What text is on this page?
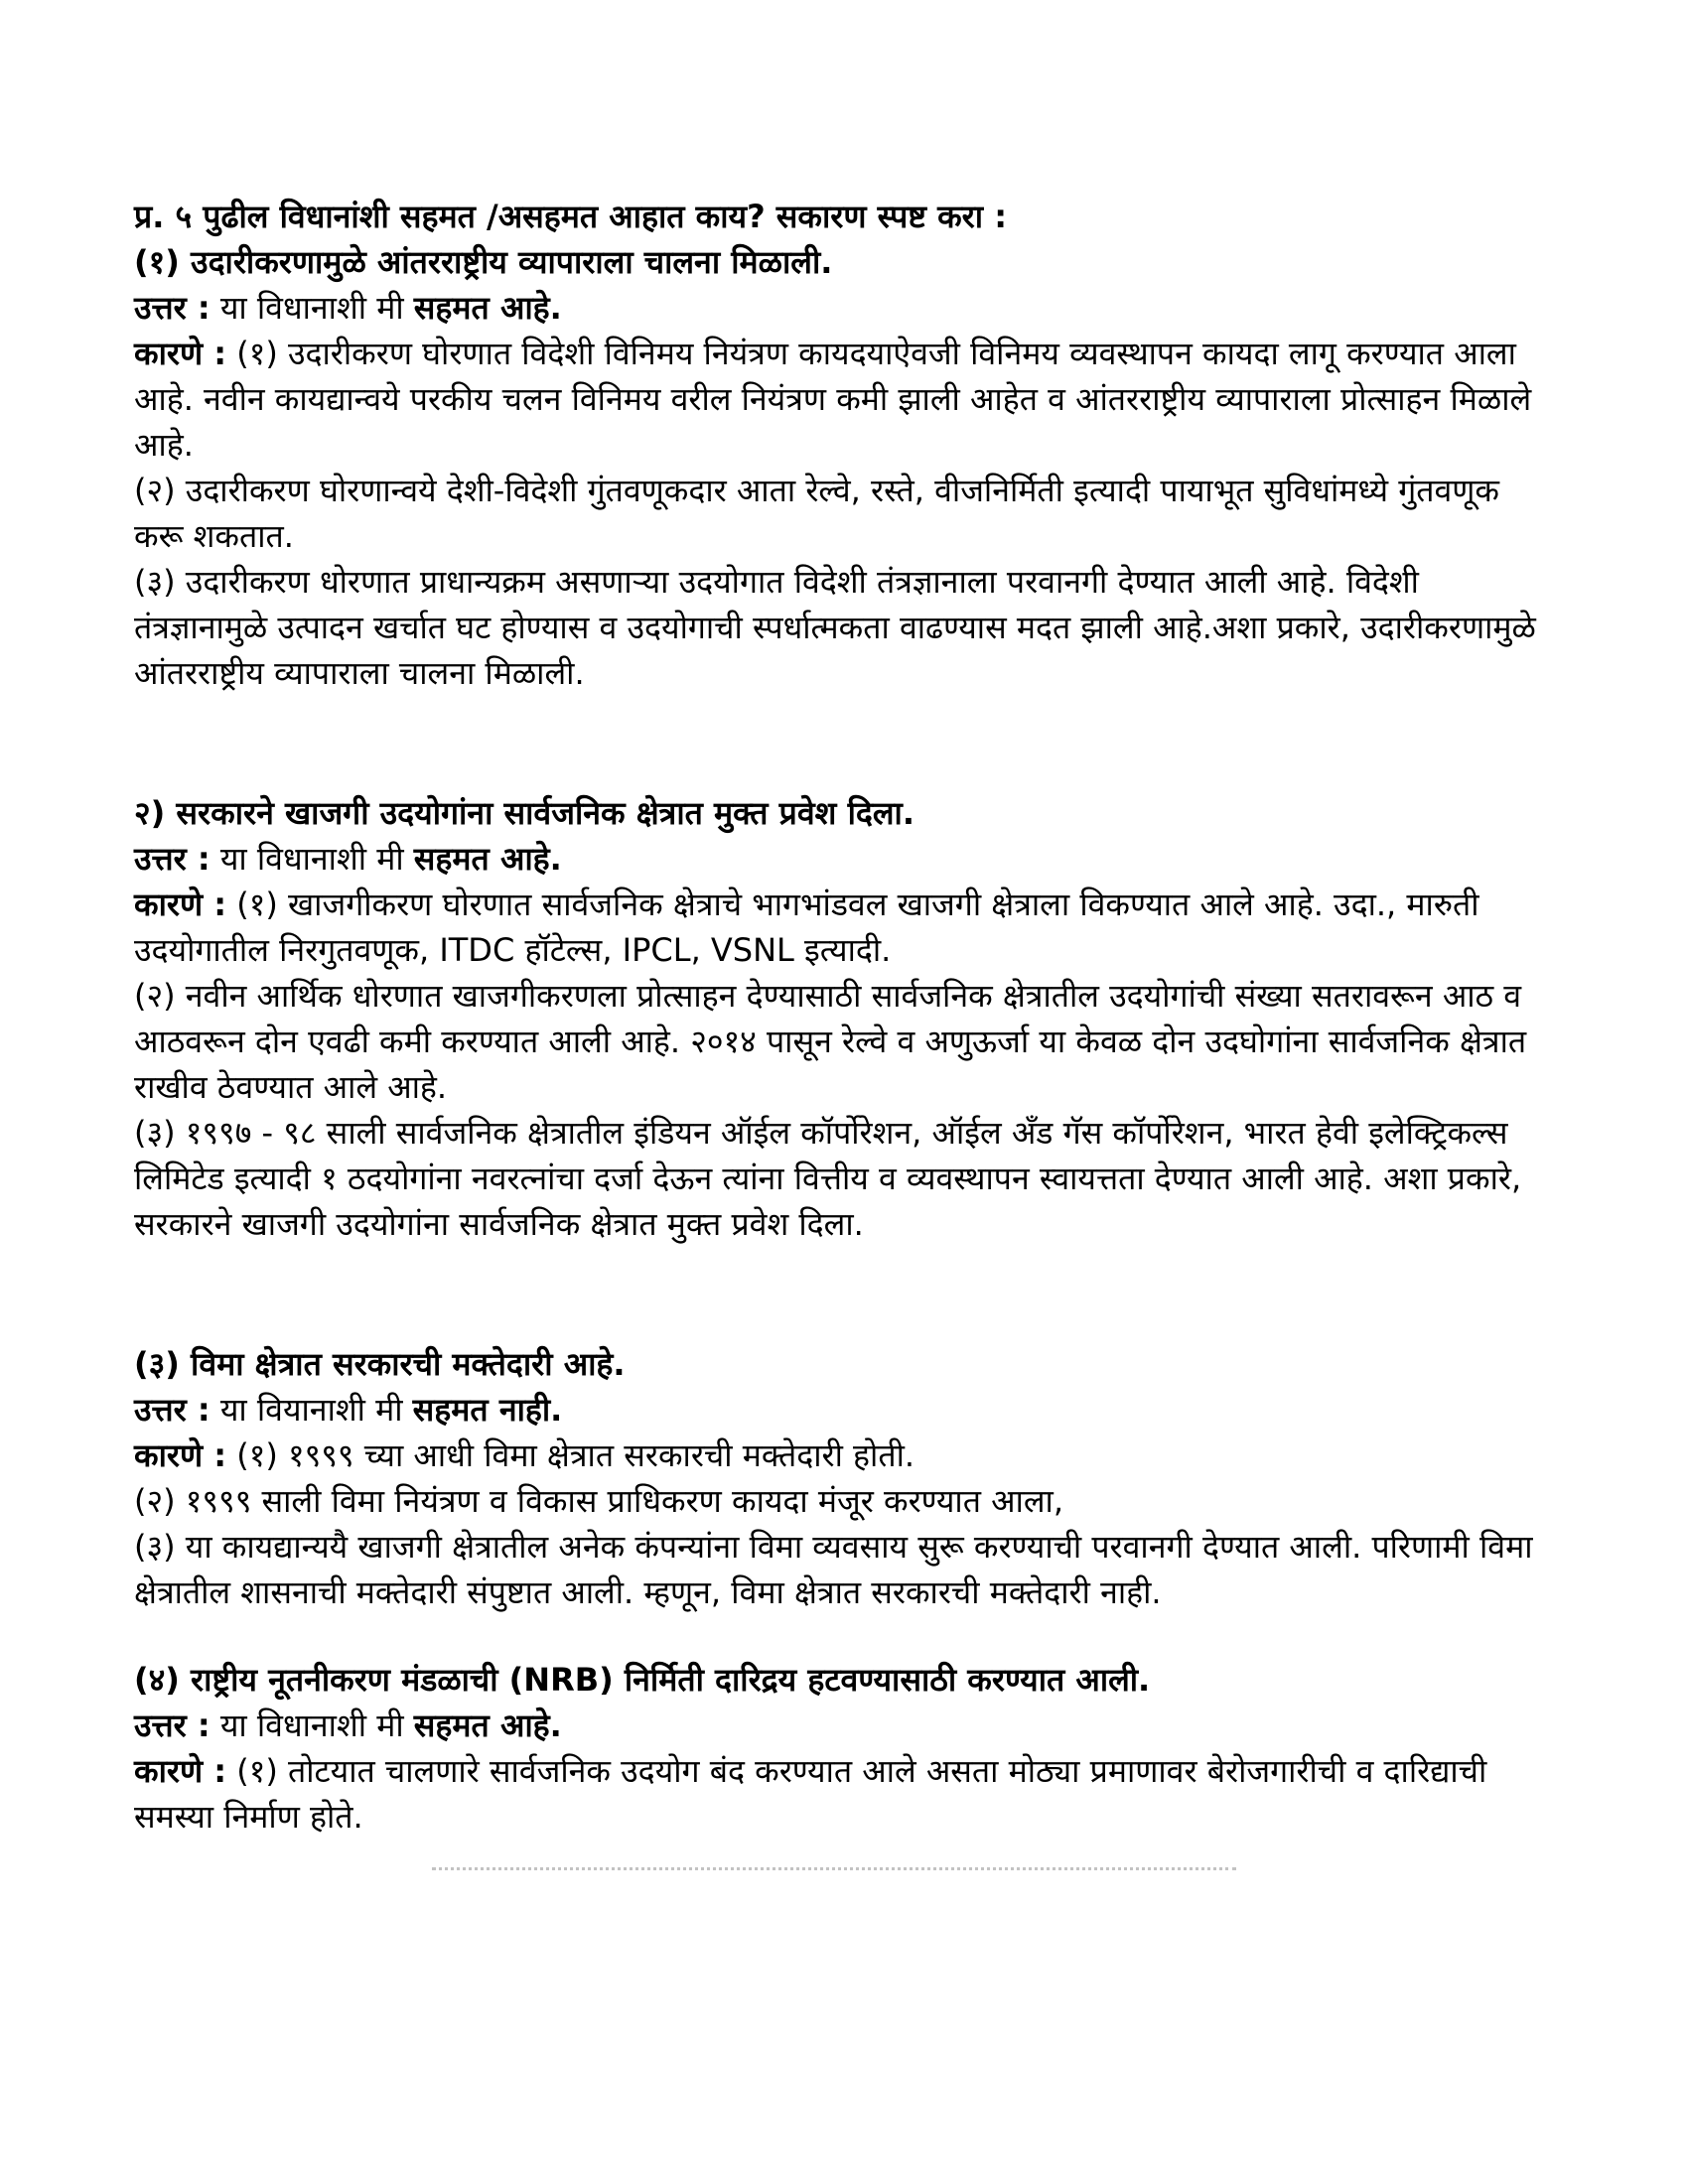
प्र. ५ पुढील विधानांशी सहमत /असहमत आहात काय? सकारण स्पष्ट करा :

(१) उदारीकरणामुळे आंतरराष्ट्रीय व्यापाराला चालना मिळाली.

उत्तर : या विधानाशी मी सहमत आहे.

कारणे : (१) उदारीकरण घोरणात विदेशी विनिमय नियंत्रण कायदयाऐवजी विनिमय व्यवस्थापन कायदा लागू करण्यात आला आहे. नवीन कायद्यान्वये परकीय चलन विनिमय वरील नियंत्रण कमी झाली आहेत व आंतरराष्ट्रीय व्यापाराला प्रोत्साहन मिळाले आहे.

(२) उदारीकरण घोरणान्वये देशी-विदेशी गुंतवणूकदार आता रेल्वे, रस्ते, वीजनिर्मिती इत्यादी पायाभूत सुविधांमध्ये गुंतवणूक करू शकतात.

(३) उदारीकरण धोरणात प्राधान्यक्रम असणाऱ्या उदयोगात विदेशी तंत्रज्ञानाला परवानगी देण्यात आली आहे. विदेशी तंत्रज्ञानामुळे उत्पादन खर्चात घट होण्यास व उदयोगाची स्पर्धात्मकता वाढण्यास मदत झाली आहे.अशा प्रकारे, उदारीकरणामुळे आंतरराष्ट्रीय व्यापाराला चालना मिळाली.

२) सरकारने खाजगी उदयोगांना सार्वजनिक क्षेत्रात मुक्त प्रवेश दिला.

उत्तर : या विधानाशी मी सहमत आहे.

कारणे : (१) खाजगीकरण घोरणात सार्वजनिक क्षेत्राचे भागभांडवल खाजगी क्षेत्राला विकण्यात आले आहे. उदा., मारुती उदयोगातील निरगुतवणूक, ITDC हॉटेल्स, IPCL, VSNL इत्यादी.

(२) नवीन आर्थिक धोरणात खाजगीकरणला प्रोत्साहन देण्यासाठी सार्वजनिक क्षेत्रातील उदयोगांची संख्या सतरावरून आठ व आठवरून दोन एवढी कमी करण्यात आली आहे. २०१४ पासून रेल्वे व अणुऊर्जा या केवळ दोन उदघोगांना सार्वजनिक क्षेत्रात राखीव ठेवण्यात आले आहे.

(३) १९९७ - ९८ साली सार्वजनिक क्षेत्रातील इंडियन ऑईल कॉर्पोरेशन, ऑईल अँड गॅस कॉर्पोरेशन, भारत हेवी इलेक्ट्रिकल्स लिमिटेड इत्यादी १ ठदयोगांना नवरत्नांचा दर्जा देऊन त्यांना वित्तीय व व्यवस्थापन स्वायत्तता देण्यात आली आहे. अशा प्रकारे, सरकारने खाजगी उदयोगांना सार्वजनिक क्षेत्रात मुक्त प्रवेश दिला.

(३) विमा क्षेत्रात सरकारची मक्तेदारी आहे.

उत्तर : या वियानाशी मी सहमत नाही.

कारणे : (१) १९९९ च्या आधी विमा क्षेत्रात सरकारची मक्तेदारी होती.

(२) १९९९ साली विमा नियंत्रण व विकास प्राधिकरण कायदा मंजूर करण्यात आला,

(३) या कायद्यान्ययै खाजगी क्षेत्रातील अनेक कंपन्यांना विमा व्यवसाय सुरू करण्याची परवानगी देण्यात आली. परिणामी विमा क्षेत्रातील शासनाची मक्तेदारी संपुष्टात आली. म्हणून, विमा क्षेत्रात सरकारची मक्तेदारी नाही.

(४) राष्ट्रीय नूतनीकरण मंडळाची (NRB) निर्मिती दारिद्रय हटवण्यासाठी करण्यात आली.

उत्तर : या विधानाशी मी सहमत आहे.

कारणे : (१) तोटयात चालणारे सार्वजनिक उदयोग बंद करण्यात आले असता मोठ्या प्रमाणावर बेरोजगारीची व दारिद्याची समस्या निर्माण होते.
